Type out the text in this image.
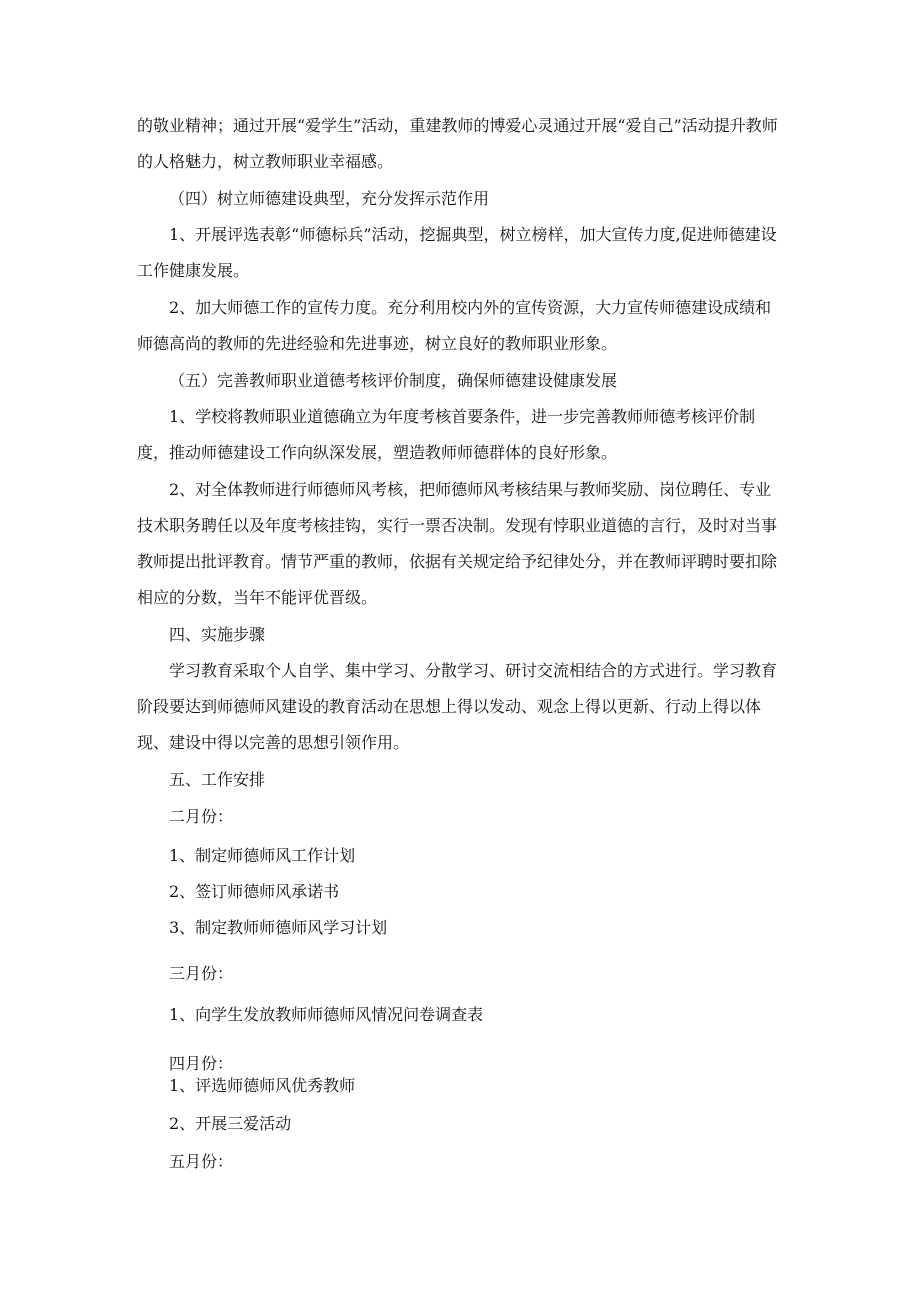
的敬业精神；通过开展“爱学生”活动，重建教师的博爱心灵通过开展“爱自己”活动提升教师的人格魅力，树立教师职业幸福感。

（四）树立师德建设典型，充分发挥示范作用

1、开展评选表彰“师德标兵”活动，挖掘典型，树立榜样，加大宣传力度,促进师德建设工作健康发展。

2、加大师德工作的宣传力度。充分利用校内外的宣传资源，大力宣传师德建设成绩和师德高尚的教师的先进经验和先进事迹，树立良好的教师职业形象。

（五）完善教师职业道德考核评价制度，确保师德建设健康发展

1、学校将教师职业道德确立为年度考核首要条件，进一步完善教师师德考核评价制度，推动师德建设工作向纵深发展，塑造教师师德群体的良好形象。

2、对全体教师进行师德师风考核，把师德师风考核结果与教师奖励、岗位聘任、专业技术职务聘任以及年度考核挂钩，实行一票否决制。发现有悖职业道德的言行，及时对当事教师提出批评教育。情节严重的教师，依据有关规定给予纪律处分，并在教师评聘时要扣除相应的分数，当年不能评优晋级。

四、实施步骤

学习教育采取个人自学、集中学习、分散学习、研讨交流相结合的方式进行。学习教育阶段要达到师德师风建设的教育活动在思想上得以发动、观念上得以更新、行动上得以体现、建设中得以完善的思想引领作用。

五、工作安排

二月份：

1、制定师德师风工作计划

2、签订师德师风承诺书

3、制定教师师德师风学习计划

三月份：

1、向学生发放教师师德师风情况问卷调查表

四月份：

1、评选师德师风优秀教师

2、开展三爱活动

五月份：
